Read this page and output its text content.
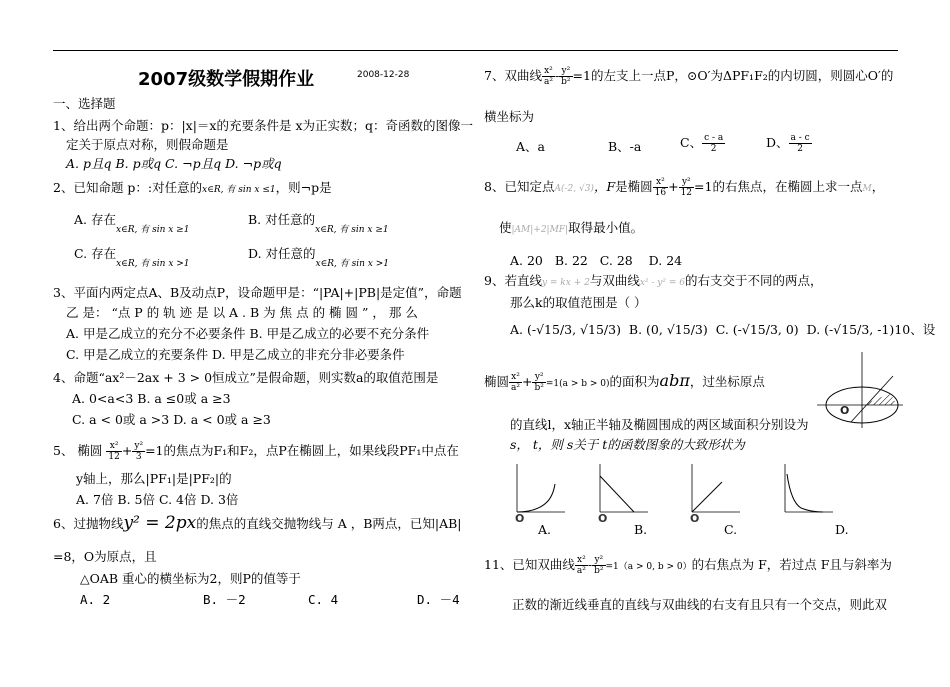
2007级数学假期作业	2008-12-28
一、选择题
1、给出两个命题：p：|x|＝x的充要条件是 x为正实数；q：奇函数的图像一
定关于原点对称，则假命题是
A. p且q B. p或q C. ¬p且q D. ¬p或q
2、已知命题 p：:对任意的x∈R, 有 sin x ≤1，则¬p是
A. 存在$_{x\in R, 有 sin x \ge 1}$
B. 对任意的$_{x\in R, 有 sin x \ge 1}$
C. 存在$_{x\in R, 有 sin x >1}$
D. 对任意的$_{x\in R, 有 sin x >1}$
3、平面内两定点A、B及动点P，设命题甲是：“|PA|+|PB|是定值”，命题
乙 是： “点 P 的 轨 迹 是 以 A . B 为 焦 点 的 椭 圆 ” ， 那 么
A. 甲是乙成立的充分不必要条件 B. 甲是乙成立的必要不充分条件
C. 甲是乙成立的充要条件 D. 甲是乙成立的非充分非必要条件
4、命题“ax²－2ax + 3 > 0恒成立”是假命题，则实数a的取值范围是
A. 0<a<3 B. a ≤0或 a ≥3
C. a < 0或 a >3 D. a < 0或 a ≥3
5、 椭圆 $\frac{\text{x²}}{12} + \frac{\text{y²}}{3} =1$的焦点为F₁和F₂，点P在椭圆上，如果线段PF₁中点在
y轴上，那么|PF₁|是|PF₂|的
A. 7倍 B. 5倍 C. 4倍 D. 3倍
6、过抛物线y² = 2px的焦点的直线交抛物线与 A ，B两点，已知|AB|
=8，O为原点，且
△OAB 重心的横坐标为2，则P的值等于
A. 2	B. －2	C. 4	D. －4
7、双曲线 $\frac{\text{x²}}{\text{a²}} - \frac{\text{y²}}{\text{b²}} =1$的左支上一点P，⊙O′为ΔPF₁F₂的内切圆，则圆心O′的
横坐标为
A、a	B、-a	C、 $\frac{c - a}{2}$	D、 $\frac{a - c}{2}$
8、已知定点A(-2, √3)，F是椭圆 $\frac{\text{x²}}{16} + \frac{\text{y²}}{12} =1$的右焦点，在椭圆上求一点M，
使|AM|+2|MF|取得最小值。
A. 20 B. 22 C. 28 D. 24
9、若直线y = kx + 2与双曲线x² - y² = 6的右支交于不同的两点，
那么k的取值范围是（ ）
A. (-√15/3, √15/3) B. (0, √15/3) C. (-√15/3, 0) D. (-√15/3, -1)10、设
椭圆 $\frac{\text{x²}}{\text{a²}} + \frac{\text{y²}}{\text{b²}} =1(a > b > 0)$的面积为abπ，过坐标原点
的直线l，x轴正半轴及椭圆围成的两区域面积分别设为
s， t，则 s关于 t的函数图象的大致形状为
O
O
A.
O
B.
O
C.	D.
11、已知双曲线 $\frac{\text{x²}}{\text{a²}} - \frac{\text{y²}}{\text{b²}} =1(a > 0$, b > 0）的右焦点为 F，若过点 F且与斜率为
正数的渐近线垂直的直线与双曲线的右支有且只有一个交点，则此双
